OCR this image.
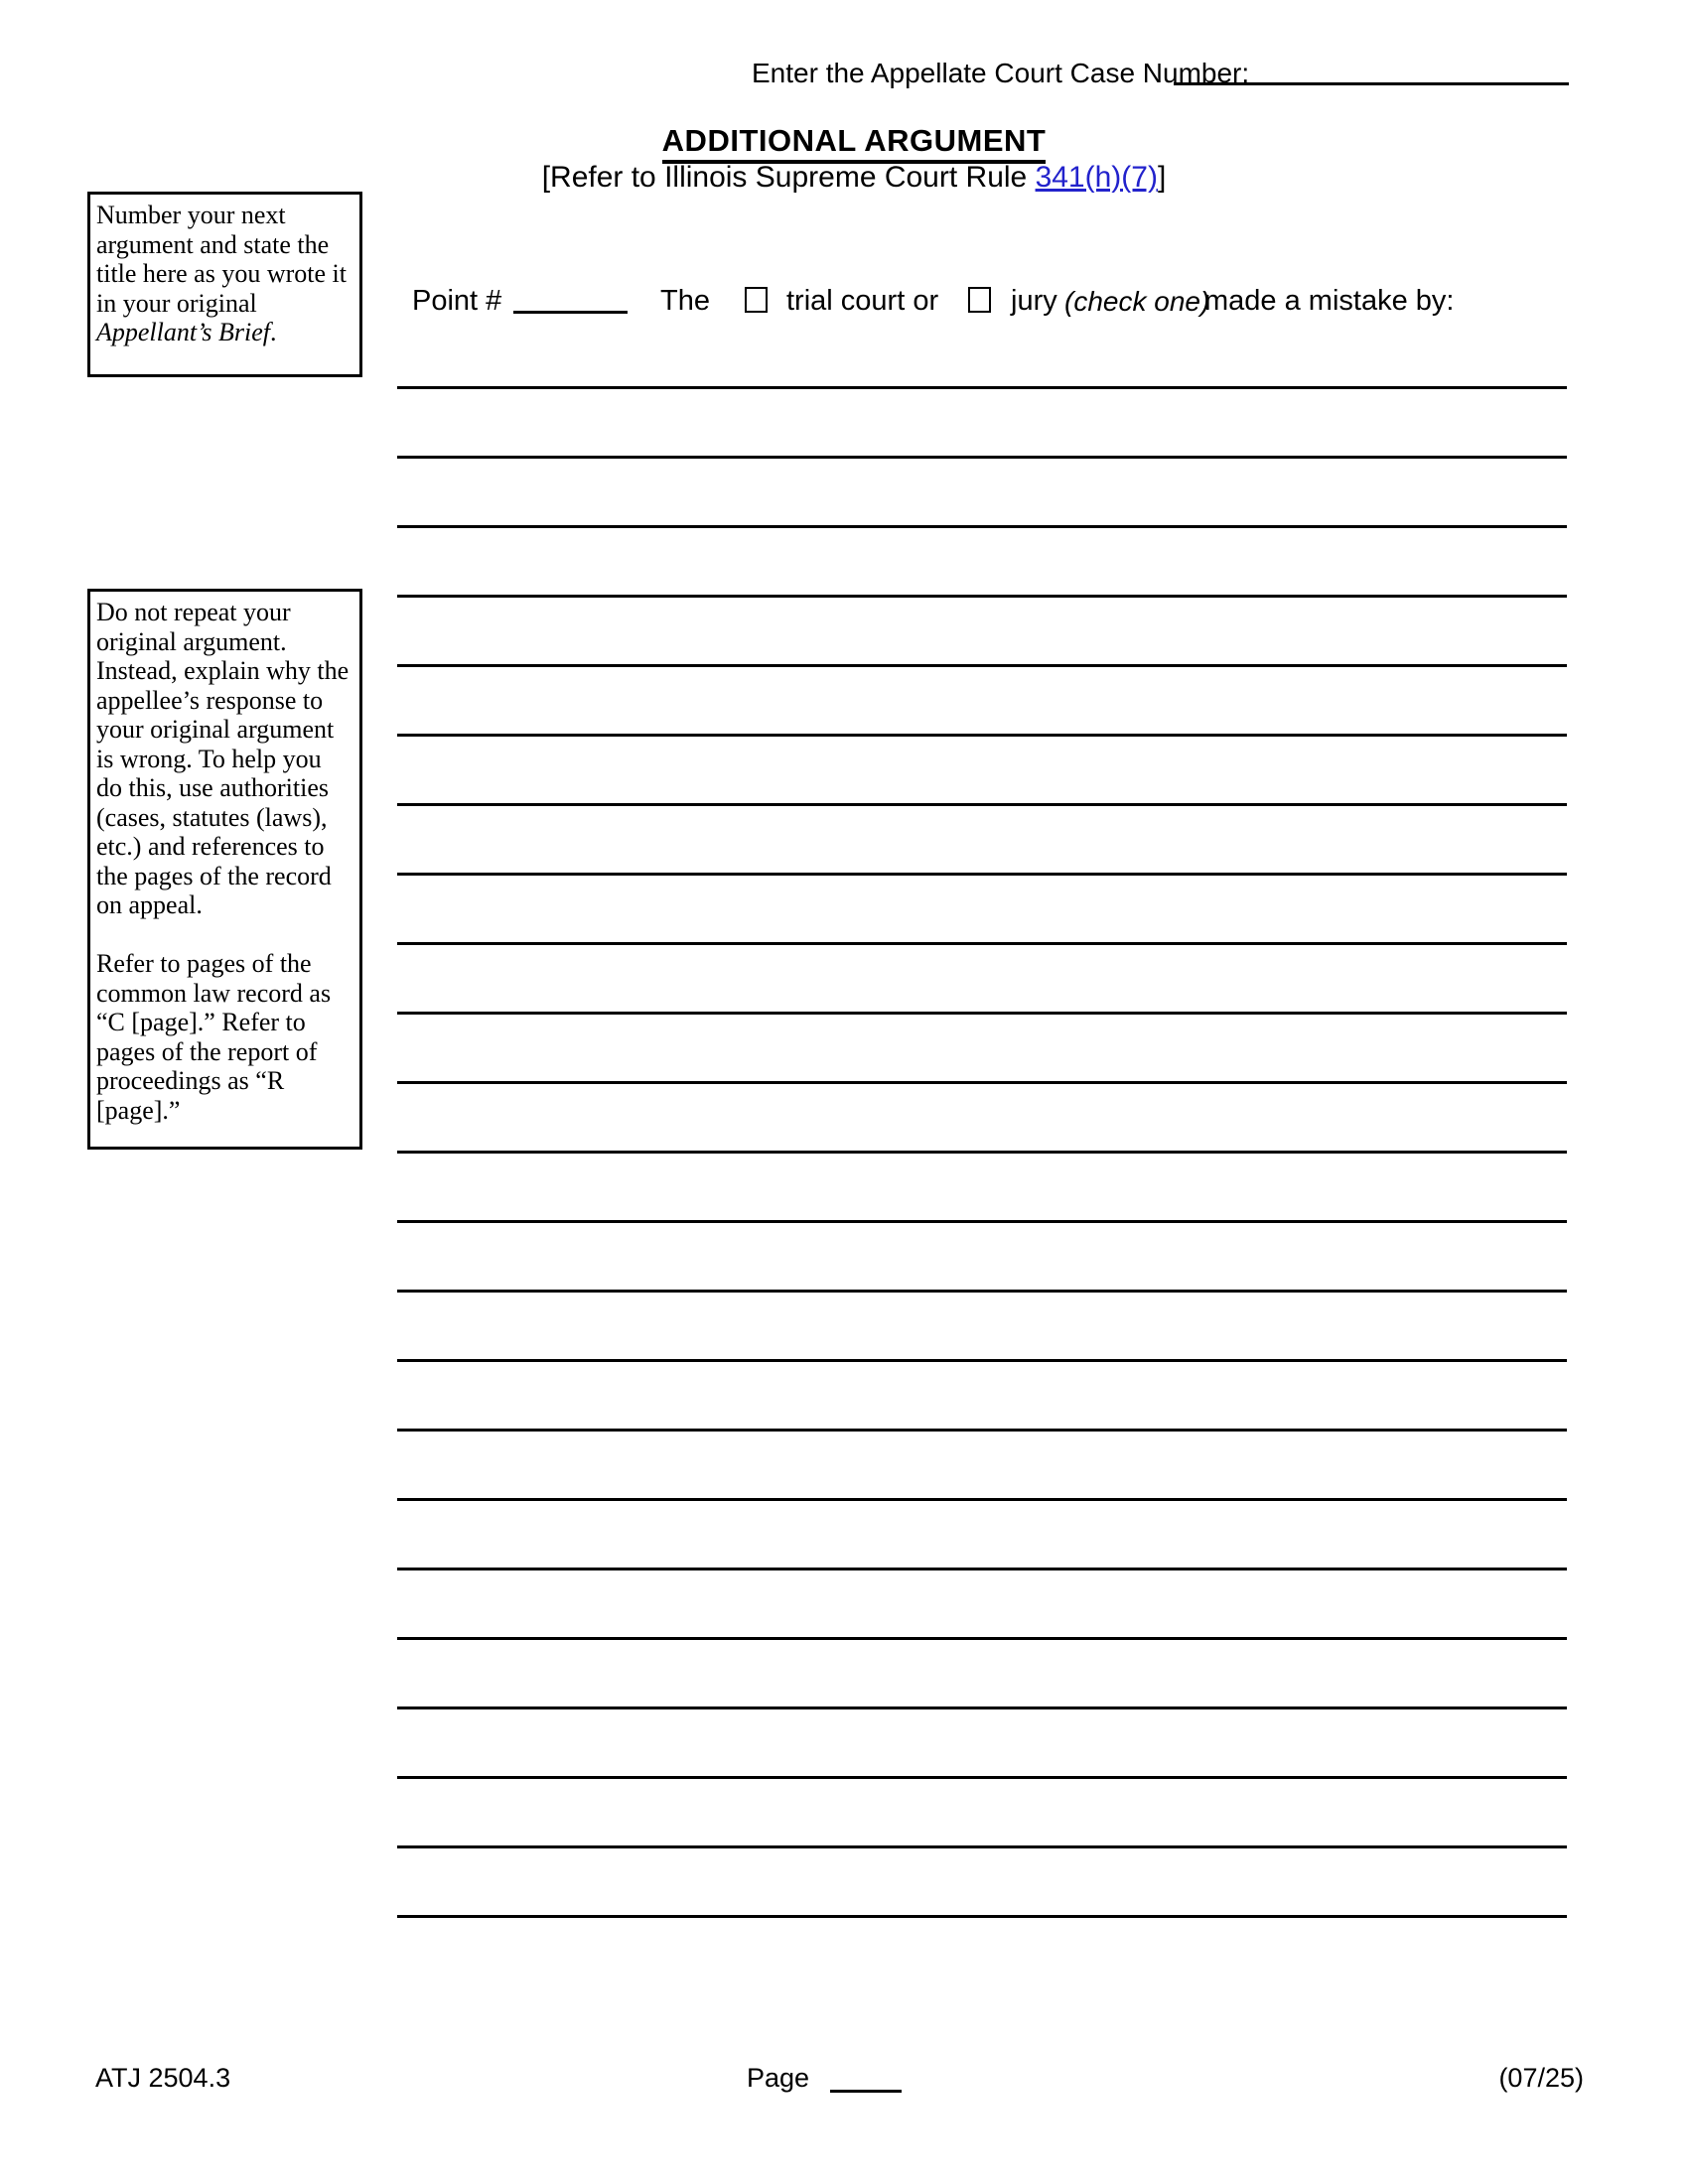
Enter the Appellate Court Case Number:
ADDITIONAL ARGUMENT
[Refer to Illinois Supreme Court Rule 341(h)(7)]

Number your next argument and state the title here as you wrote it in your original Appellant’s Brief.

Point #	The	trial court or	jury (check one)
made a mistake by:

Do not repeat your original argument. Instead, explain why the appellee’s response to your original argument is wrong. To help you do this, use authorities (cases, statutes (laws), etc.) and references to the pages of the record on appeal.

Refer to pages of the common law record as “C [page].” Refer to pages of the report of proceedings as “R [page].”

ATJ 2504.3	Page	(07/25)
